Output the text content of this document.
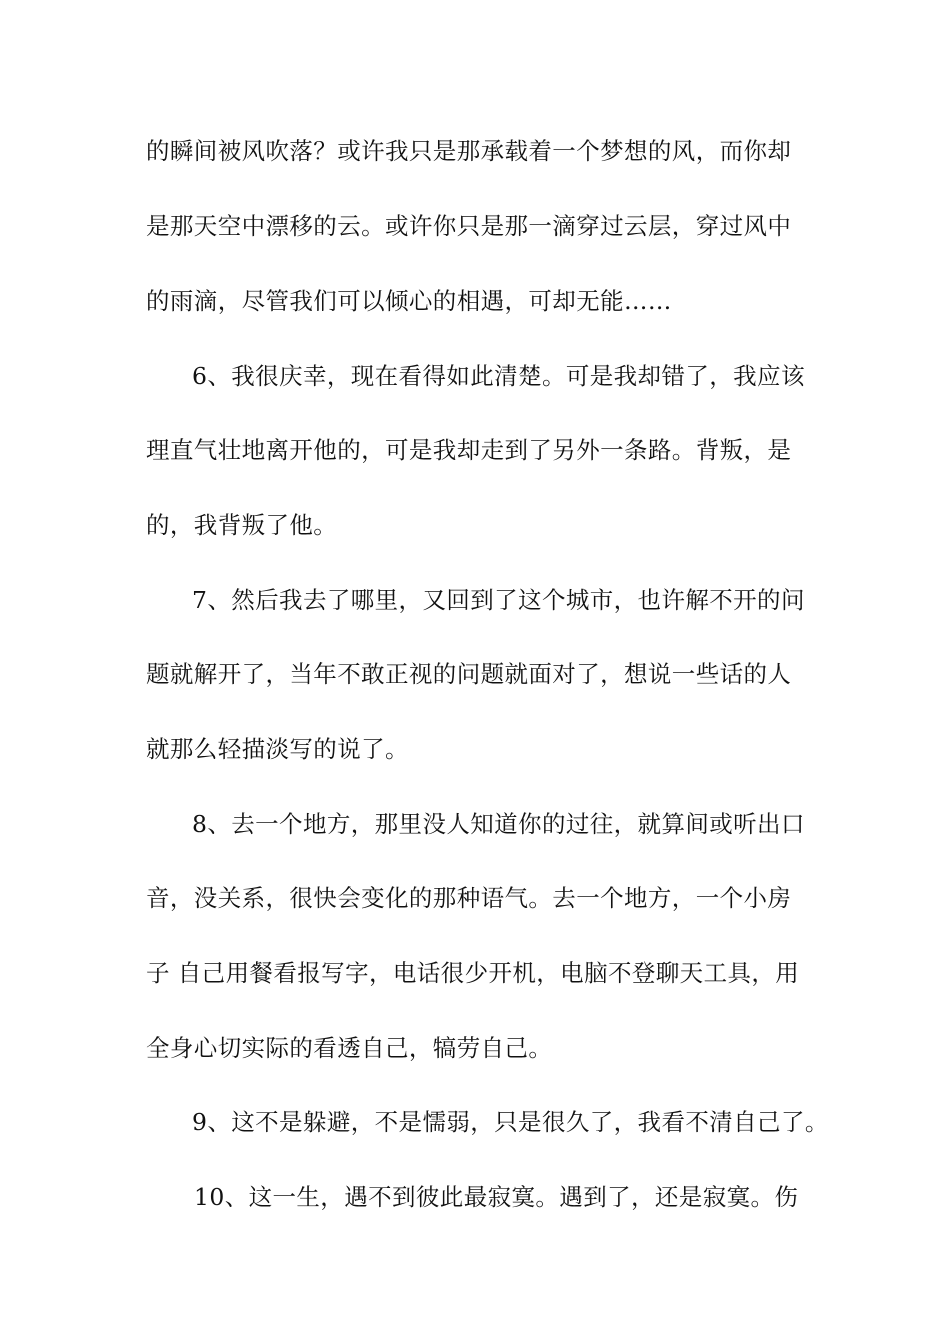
的瞬间被风吹落？或许我只是那承载着一个梦想的风，而你却
是那天空中漂移的云。或许你只是那一滴穿过云层，穿过风中
的雨滴，尽管我们可以倾心的相遇，可却无能……
6、我很庆幸，现在看得如此清楚。可是我却错了，我应该
理直气壮地离开他的，可是我却走到了另外一条路。背叛，是
的，我背叛了他。
7、然后我去了哪里，又回到了这个城市，也许解不开的问
题就解开了，当年不敢正视的问题就面对了，想说一些话的人
就那么轻描淡写的说了。
8、去一个地方，那里没人知道你的过往，就算间或听出口
音，没关系，很快会变化的那种语气。去一个地方，一个小房
子 自己用餐看报写字，电话很少开机，电脑不登聊天工具，用
全身心切实际的看透自己，犒劳自己。
9、这不是躲避，不是懦弱，只是很久了，我看不清自己了。
10、这一生，遇不到彼此最寂寞。遇到了，还是寂寞。伤
